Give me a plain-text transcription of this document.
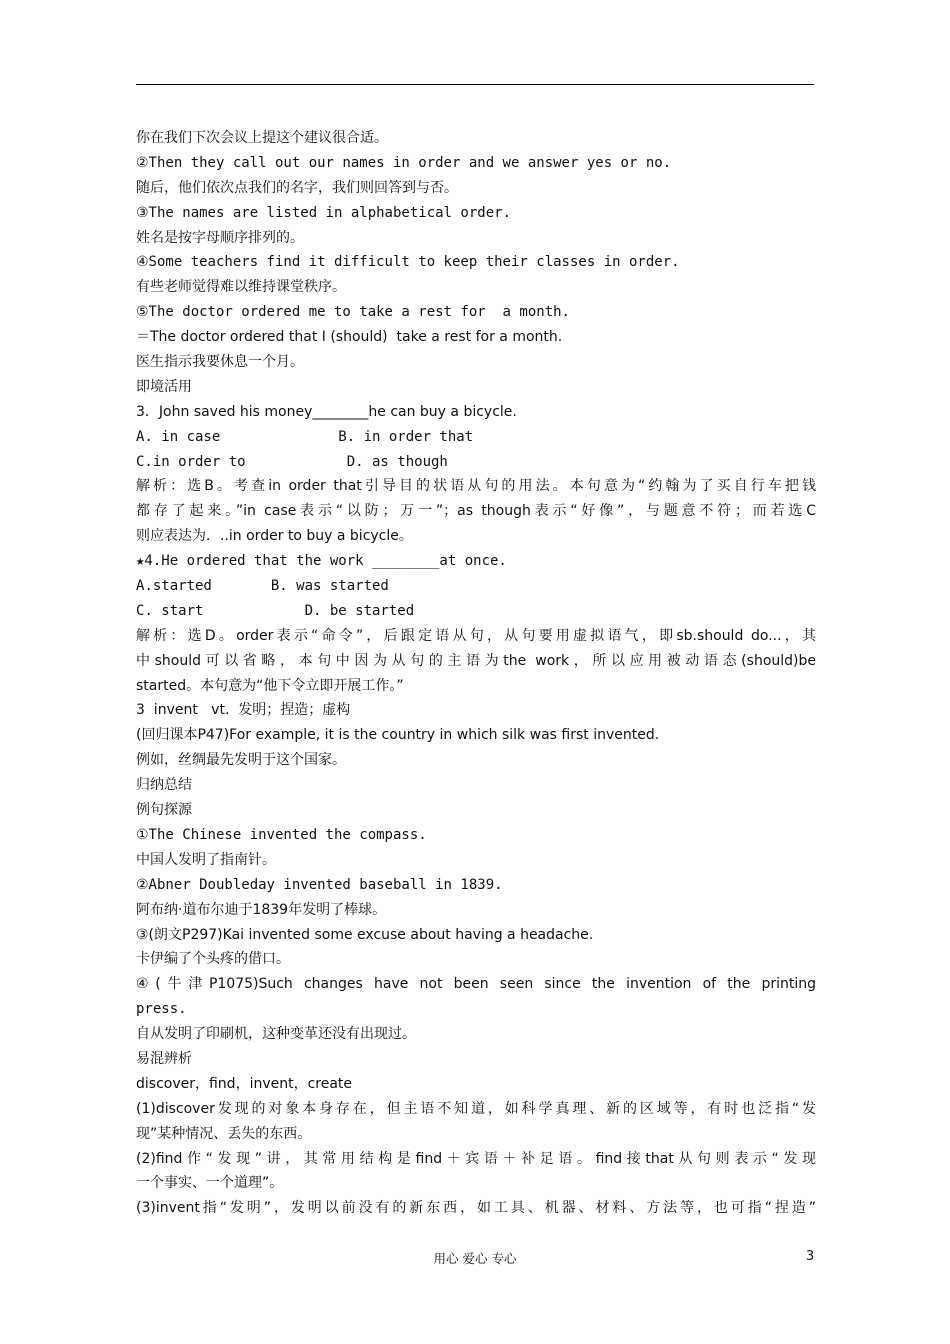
你在我们下次会议上提这个建议很合适。
②Then they call out our names in order and we answer yes or no.
随后，他们依次点我们的名字，我们则回答到与否。
③The names are listed in alphabetical order.
姓名是按字母顺序排列的。
④Some teachers find it difficult to keep their classes in order.
有些老师觉得难以维持课堂秩序。
⑤The doctor ordered me to take a rest for  a month.
＝The doctor ordered that I (should)  take a rest for a month.
医生指示我要休息一个月。
即境活用
3．John saved his money________he can buy a bicycle.
A. in case              B. in order that
C.in order to            D. as though
解析：选B。考查in order that引导目的状语从句的用法。本句意为“约翰为了买自行车把钱
都存了起来。”in case表示“以防；万一”；as though表示“好像”，与题意不符；而若选C
则应表达为．..in order to buy a bicycle。
★4.He ordered that the work ________at once.
A.started       B. was started
C. start            D. be started
解析：选D。order表示“命令”，后跟定语从句，从句要用虚拟语气，即sb.should do...，其
中should可以省略，本句中因为从句的主语为the work，所以应用被动语态(should)be
started。本句意为“他下令立即开展工作。”
3  invent   vt.  发明；捏造；虚构
(回归课本P47)For example, it is the country in which silk was first invented.
例如，丝绸最先发明于这个国家。
归纳总结
例句探源
①The Chinese invented the compass.
中国人发明了指南针。
②Abner Doubleday invented baseball in 1839.
阿布纳·道布尔迪于1839年发明了棒球。
③(朗文P297)Kai invented some excuse about having a headache.
卡伊编了个头疼的借口。
④(牛津P1075)Such changes have not been seen since the invention of the printing
press.
自从发明了印刷机，这种变革还没有出现过。
易混辨析
discover，find，invent，create
(1)discover发现的对象本身存在，但主语不知道，如科学真理、新的区域等，有时也泛指“发
现”某种情况、丢失的东西。
(2)find作“发现”讲，其常用结构是find＋宾语＋补足语。find接that从句则表示“发现
一个事实、一个道理”。
(3)invent指“发明”，发明以前没有的新东西，如工具、机器、材料、方法等，也可指“捏造”
用心 爱心 专心	3
